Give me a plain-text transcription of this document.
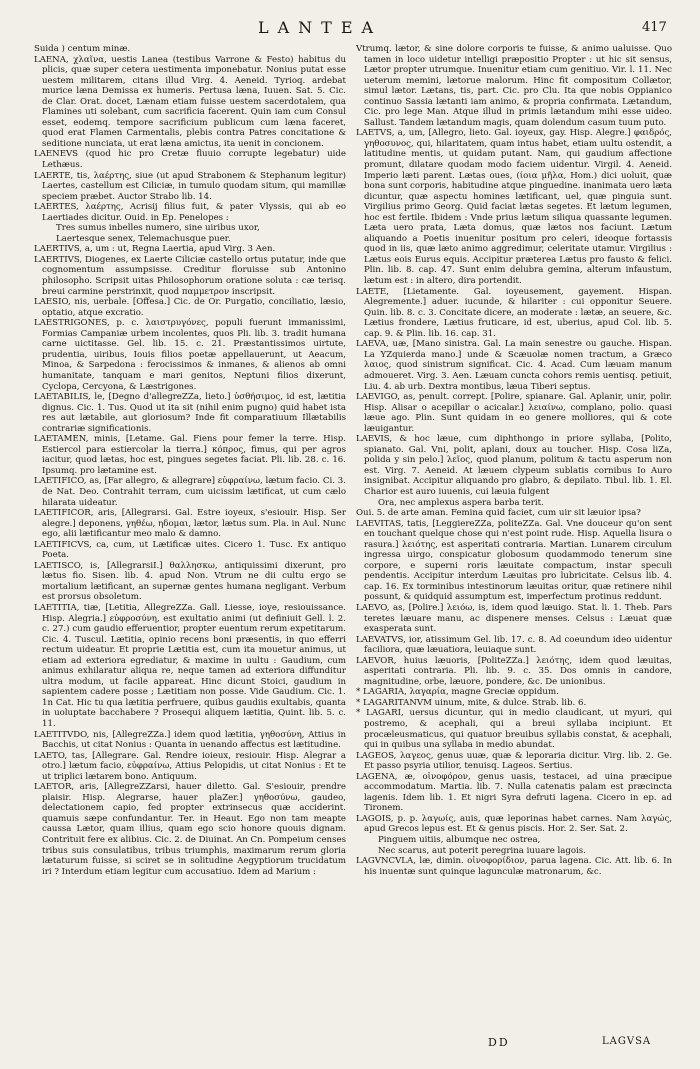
LANTEA	417
Suida ) centum minæ.
LAENA, χλαῖνα, uestis Lanea (testibus Varrone & Festo) habitus du plicis, quæ super cetera uestimenta imponebatur. Nonius putat esse uestem militarem, citans illud Virg. 4. Aeneid. Tyrioq. ardebat murice læna Demissa ex humeris. Pertusa læna, Iuuen. Sat. 5. Cic. de Clar. Orat. docet, Lænam etiam fuisse uestem sacerdotalem, qua Flamines uti solebant, cum sacrificia facerent. Quin iam cum Consul esset, eodemq. tempore sacrificium publicum cum læna faceret, quod erat Flamen Carmentalis, plebis contra Patres concitatione & seditione nunciata, ut erat læna amictus, ita uenit in concionem.
LAENEVS (quod hic pro Cretæ fluuio corrupte legebatur) uide Lethæus.
LAERTE, tis, λαέρτης, siue (ut apud Strabonem & Stephanum legitur) Laertes, castellum est Ciliciæ, in tumulo quodam situm, qui mamillæ speciem præbet. Auctor Strabo lib. 14.
LAERTES, λαέρτης, Acrisij filius fuit, & pater Vlyssis, qui ab eo Laertiades dicitur. Ouid. in Ep. Penelopes :
Tres sumus inbelles numero, sine uiribus uxor,
Laertesque senex, Telemachusque puer.
LAERTIVS, a, um : ut, Regna Laertia, apud Virg. 3 Aen.
LAERTIVS, Diogenes, ex Laerte Ciliciæ castello ortus putatur, inde que cognomentum assumpsisse. Creditur floruisse sub Antonino philosopho. Scripsit uitas Philosophorum oratione soluta : cæ terisq. breui carmine perstrinxit, quod παμμετρον inscripsit.
LAESIO, nis, uerbale. [Offesa.] Cic. de Or. Purgatio, conciliatio, læsio, optatio, atque excratio.
LAESTRIGONES, p. c. λαιστρυγόνες, populi fuerunt immanissimi, Formias Campaniæ urbem incolentes, quos Pli. lib. 3. tradit humana carne uictitasse. Gel. lib. 15. c. 21. Præstantissimos uirtute, prudentia, uiribus, Iouis filios poetæ appellauerunt, ut Aeacum, Minoa, & Sarpedona : ferocissimos & inmanes, & alienos ab omni humanitate, tanquam e mari genitos, Neptuni filios dixerunt, Cyclopa, Cercyona, & Læstrigones.
LAETABILIS, le, [Degno d'allegreZZa, lieto.] ὑσθήσιμος, id est, lætitia dignus. Cic. 1. Tus. Quod ut ita sit (nihil enim pugno) quid habet ista res aut lætabile, aut gloriosum? Inde fit comparatiuum Illætabilis contrariæ significationis.
LAETAMEN, minis, [Letame. Gal. Fiens pour femer la terre. Hisp. Estiercol para estiercolar la tierra.] κόπρος, fimus, qui per agros iacitur, quod lætas, hoc est, pingues segetes faciat. Pli. lib. 28. c. 16. Ipsumq. pro lætamine est.
LAETIFICO, as, [Far allegro, & allegrare] εὐφραίνω, lætum facio. Ci. 3. de Nat. Deo. Contrahit terram, cum uicissim lætificat, ut cum cælo hilarata uideatur.
LAETIFICOR, aris, [Allegrarsi. Gal. Estre ioyeux, s'esiouir. Hisp. Ser alegre.] deponens, γηθέω, ηδομαι, lætor, lætus sum. Pla. in Aul. Nunc ego, alii lætificantur meo malo & damno.
LAETIFICVS, ca, cum, ut Lætificæ uites. Cicero 1. Tusc. Ex antiquo Poeta.
LAETISCO, is, [AllegrarsiI.] θαλλησκω, antiquissimi dixerunt, pro lætus fio. Sisen. lib. 4. apud Non. Vtrum ne dii cultu ergo se mortalium lætificant, an supernæ gentes humana negligant. Verbum est prorsus obsoletum.
LAETITIA, tiæ, [Letitia, AllegreZZa. Gall. Liesse, ioye, resiouissance. Hisp. Alegria.] εὐφροσύνη, est exultatio animi (ut definiuit Gell. l. 2. c. 27.) cum gaudio efferuentior, propter euentum rerum expetitarum. Cic. 4. Tuscul. Lætitia, opinio recens boni præsentis, in quo efferri rectum uideatur. Et proprie Lætitia est, cum ita mouetur animus, ut etiam ad exteriora egrediatur, & maxime in uultu : Gaudium, cum animus exhilaratur aliqua re, neque tamen ad exteriora diffunditur ultra modum, ut facile appareat. Hinc dicunt Stoici, gaudium in sapientem cadere posse ; Lætitiam non posse. Vide Gaudium. Cic. 1. 1n Cat. Hic tu qua lætitia perfruere, quibus gaudiis exultabis, quanta in uoluptate bacchabere ? Prosequi aliquem lætitia, Quint. lib. 5. c. 11.
LAETITVDO, nis, [AllegreZZa.] idem quod lætitia, γηθοσύνη, Attius in Bacchis, ut citat Nonius : Quanta in uenando affectus est lætitudine.
LAETO, tas, [Allegrare. Gal. Rendre ioieux, resiouir. Hisp. Alegrar a otro.] lætum facio, εὐφραίνω, Attius Pelopidis, ut citat Nonius : Et te ut triplici lætarem bono. Antiquum.
LAETOR, aris, [AllegreZZarsi, hauer diletto. Gal. S'esiouir, prendre plaisir. Hisp. Alegrarse, hauer plaZer.] γηθοσύνω, gaudeo, delectationem capio, fed propter extrinsecus quæ acciderint. quamuis sæpe confundantur. Ter. in Heaut. Ego non tam meapte caussa Lætor, quam illius, quam ego scio honore quouis dignam. Contrituit fere ex alibius. Cic. 2. de Diuinat. An Cn. Pompeium censes tribus suis consulatibus, tribus triumphis, maximarum rerum gloria lætaturum fuisse, si sciret se in solitudine Aegyptiorum trucidatum iri ? Interdum etiam legitur cum accusatiuo. Idem ad Marium :
Vtrumq. lætor, & sine dolore corporis te fuisse, & animo ualuisse. Quo tamen in loco uidetur intelligi præpositio Propter : ut hic sit sensus, Lætor propter utrumque. Inuenitur etiam cum genitiuo. Vir. l. 11. Nec ueterum memini, lætorue malorum. Hinc fit compositum Collætor, simul lætor. Lætans, tis, part. Cic. pro Clu. Ita que nobis Oppianico continuo Sassia lætanti iam animo, & propria confirmata. Lætandum, Cic. pro lege Man. Atque illud in primis lætandum mihi esse uideo. Sallust. Tandem lætandum magis, quam dolendum casum tuum puto.
LAETVS, a, um, [Allegro, lieto. Gal. ioyeux, gay. Hisp. Alegre.] φαιδρός, γηθοσυνος, qui, hilaritatem, quam intus habet, etiam uultu ostendit, a latitudine mentis, ut quidam putant. Nam, qui gaudium affectione promunt, dilatare quodam modo faciem uidentur. Virgil. 4. Aeneid. Imperio læti parent. Lætas oues, (ίοια μῆλα, Hom.) dici uoluit, quæ bona sunt corporis, habitudine atque pinguedine. inanimata uero læta dicuntur, quæ aspectu homines lætificant, uel, quæ pinguia sunt. Virgilius primo Georg. Quid faciat lætas segetes. Et lætum legumen, hoc est fertile. Ibidem : Vnde prius lætum siliqua quassante legumen. Læta uero prata, Læta domus, quæ lætos nos faciunt. Lætum aliquando a Poetis inuenitur positum pro celeri, ideoque fortassis quod in iis, quæ læto animo aggredimur, celeritate utamur. Virgilius : Lætus eois Eurus equis. Accipitur præterea Lætus pro fausto & felici. Plin. lib. 8. cap. 47. Sunt enim delubra gemina, alterum infaustum, lætum est : in altero, dira portendit.
LAETE, [Lietamente. Gal. ioyeusement, gayement. Hispan. Alegremente.] aduer. iucunde, & hilariter : cui opponitur Seuere. Quin. lib. 8. c. 3. Concitate dicere, an moderate : lætæ, an seuere, &c. Lætius frondere, Lætius fruticare, id est, uberius, apud Col. lib. 5. cap. 9. & Plin. lib. 16. cap. 31.
LAEVA, uæ, [Mano sinistra. Gal. La main senestre ou gauche. Hispan. La YZquierda mano.] unde & Scæuolæ nomen tractum, a Græco λαιος, quod sinistrum significat. Cic. 4. Acad. Cum læuam manum admoueret. Virg. 3. Aen. Læuam cuncta cohors remis uentisq. petiuit, Liu. 4. ab urb. Dextra montibus, læua Tiberi septus.
LAEVIGO, as, penult. corrept. [Polire, spianare. Gal. Aplanir, unir, polir. Hisp. Alisar o acepillar o acicalar.] λειαίνω, complano, polio. quasi læue ago. Plin. Sunt quidam in eo genere molliores, qui & cote læuigantur.
LAEVIS, & hoc læue, cum diphthongo in priore syllaba, [Polito, spianato. Gal. Vni, polit, aplani, doux au toucher. Hisp. Cosa liZa, polida y sin pelo.] λεῖος, quod planum, politum & tactu asperum non est. Virg. 7. Aeneid. At læuem clypeum sublatis cornibus Io Auro insignibat. Accipitur aliquando pro glabro, & depilato. Tibul. lib. 1. El. Charior est auro iuuenis, cui læuia fulgent
Ora, nec amplexus aspera barba terit.
Oui. 5. de arte aman. Femina quid faciet, cum uir sit læuior ipsa?
LAEVITAS, tatis, [LeggiereZZa, politeZZa. Gal. Vne douceur qu'on sent en touchant quelque chose qui n'est point rude. Hisp. Aquella lisura o rasura.] λειότης, est asperitati contraria. Martian. Lunarem circulum ingressa uirgo, conspicatur globosum quodammodo tenerum sine corpore, e superni roris læuitate compactum, instar speculi pendentis. Accipitur interdum Læuitas pro lubricitate. Celsus lib. 4. cap. 16. Ex torminibus intestinorum læuitas oritur, quæ retinere nihil possunt, & quidquid assumptum est, imperfectum protinus reddunt.
LAEVO, as, [Polire.] λειόω, is, idem quod læuigo. Stat. li. 1. Theb. Pars teretes læuare manu, ac dispenere menses. Celsus : Læuat quæ exasperata sunt.
LAEVATVS, ior, atissimum Gel. lib. 17. c. 8. Ad coeundum ideo uidentur faciliora, quæ læuatiora, leuiaque sunt.
LAEVOR, huius læuoris, [PoliteZZa.] λειότης, idem quod læuitas, asperitati contraria. Pli. lib. 9. c. 35. Dos omnis in candore, magnitudine, orbe, læuore, pondere, &c. De unionibus.
* LAGARIA, λαγαρία, magne Greciæ oppidum.
* LAGARITANVM uinum, mite, & dulce. Strab. lib. 6.
* LAGARI, uersus dicuntur, qui in medio claudicant, ut myuri, qui postremo, & acephali, qui a breui syllaba incipiunt. Et procæleusmaticus, qui quatuor breuibus syllabis constat, & acephali, qui in quibus una syllaba in medio abundat.
LAGEOS, λαγεος, genus uuæ, quæ & leporaria dicitur. Virg. lib. 2. Ge. Et passo psyria utilior, tenuisq. Lageos. Sertius.
LAGENA, æ, οἰνοφόρον, genus uasis, testacei, ad uina præcipue accommodatum. Martia. lib. 7. Nulla catenatis palam est præcincta lagenis. Idem lib. 1. Et nigri Syra defruti lagena. Cicero in ep. ad Tironem.
LAGOIS, p. p. λαγωίς, auis, quæ leporinas habet carnes. Nam λαγώς, apud Grecos lepus est. Et & genus piscis. Hor. 2. Ser. Sat. 2.
Pinguem uitiis, albumque nec ostrea,
Nec scarus, aut poterit peregrina iuuare lagois.
LAGVNCVLA, læ, dimin. οἰνοφορίδιον, parua lagena. Cic. Att. lib. 6. In his inuentæ sunt quinque lagunculæ matronarum, &c.
DD	LAGVSA
